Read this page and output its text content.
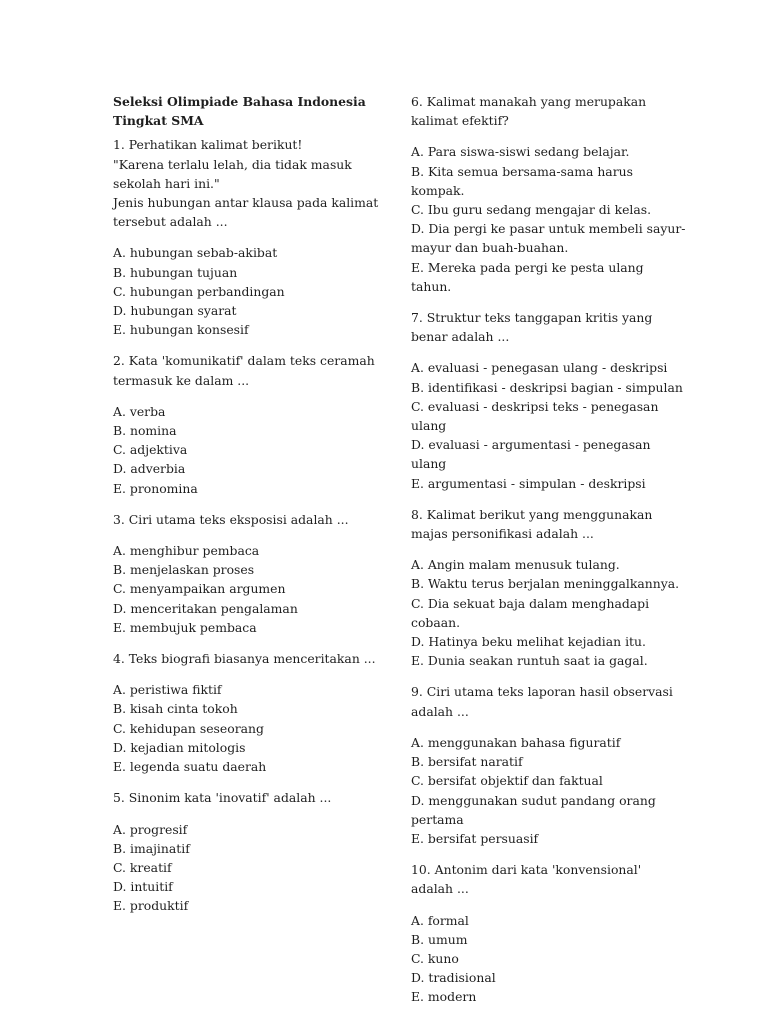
Seleksi Olimpiade Bahasa Indonesia
Tingkat SMA
1. Perhatikan kalimat berikut!
"Karena terlalu lelah, dia tidak masuk sekolah hari ini."
Jenis hubungan antar klausa pada kalimat tersebut adalah ...
A. hubungan sebab-akibat
B. hubungan tujuan
C. hubungan perbandingan
D. hubungan syarat
E. hubungan konsesif
2. Kata 'komunikatif' dalam teks ceramah termasuk ke dalam ...
A. verba
B. nomina
C. adjektiva
D. adverbia
E. pronomina
3. Ciri utama teks eksposisi adalah ...
A. menghibur pembaca
B. menjelaskan proses
C. menyampaikan argumen
D. menceritakan pengalaman
E. membujuk pembaca
4. Teks biografi biasanya menceritakan ...
A. peristiwa fiktif
B. kisah cinta tokoh
C. kehidupan seseorang
D. kejadian mitologis
E. legenda suatu daerah
5. Sinonim kata 'inovatif' adalah ...
A. progresif
B. imajinatif
C. kreatif
D. intuitif
E. produktif
6. Kalimat manakah yang merupakan kalimat efektif?
A. Para siswa-siswi sedang belajar.
B. Kita semua bersama-sama harus kompak.
C. Ibu guru sedang mengajar di kelas.
D. Dia pergi ke pasar untuk membeli sayur-mayur dan buah-buahan.
E. Mereka pada pergi ke pesta ulang tahun.
7. Struktur teks tanggapan kritis yang benar adalah ...
A. evaluasi - penegasan ulang - deskripsi
B. identifikasi - deskripsi bagian - simpulan
C. evaluasi - deskripsi teks - penegasan ulang
D. evaluasi - argumentasi - penegasan ulang
E. argumentasi - simpulan - deskripsi
8. Kalimat berikut yang menggunakan majas personifikasi adalah ...
A. Angin malam menusuk tulang.
B. Waktu terus berjalan meninggalkannya.
C. Dia sekuat baja dalam menghadapi cobaan.
D. Hatinya beku melihat kejadian itu.
E. Dunia seakan runtuh saat ia gagal.
9. Ciri utama teks laporan hasil observasi adalah ...
A. menggunakan bahasa figuratif
B. bersifat naratif
C. bersifat objektif dan faktual
D. menggunakan sudut pandang orang pertama
E. bersifat persuasif
10. Antonim dari kata 'konvensional' adalah ...
A. formal
B. umum
C. kuno
D. tradisional
E. modern
